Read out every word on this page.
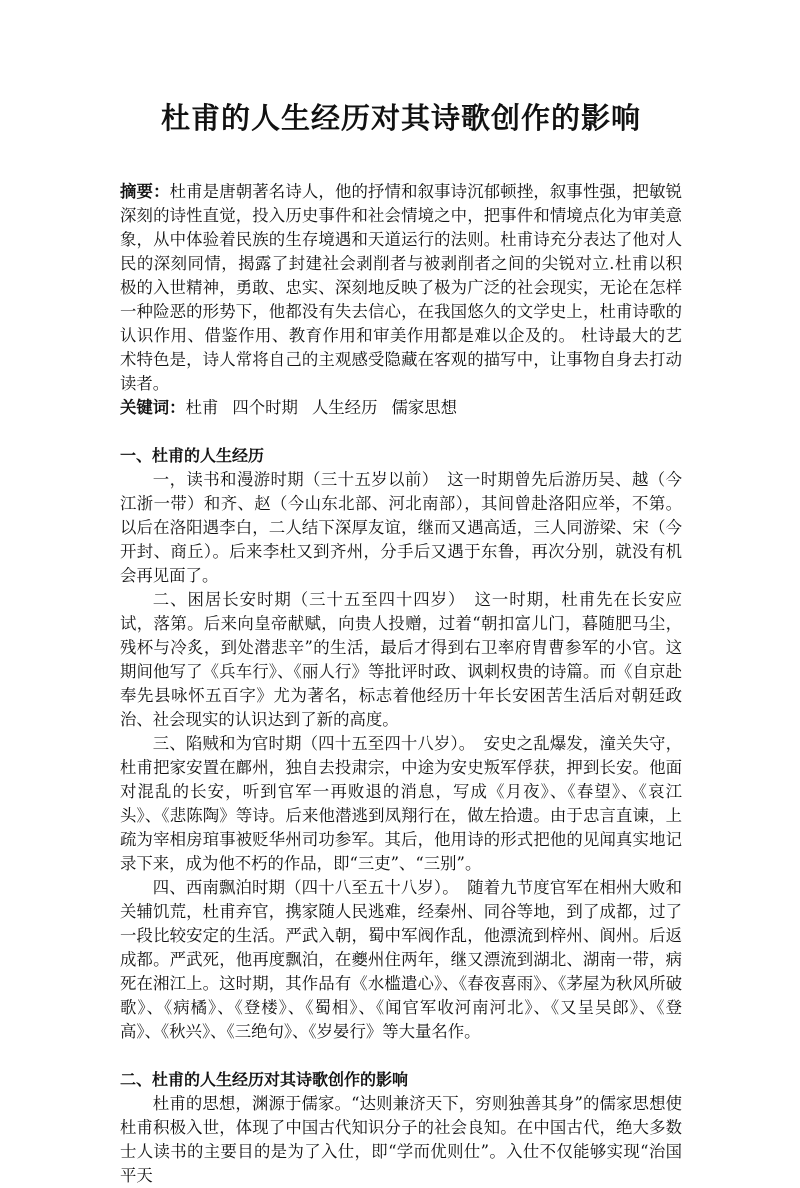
杜甫的人生经历对其诗歌创作的影响

摘要：杜甫是唐朝著名诗人，他的抒情和叙事诗沉郁顿挫，叙事性强，把敏锐深刻的诗性直觉，投入历史事件和社会情境之中，把事件和情境点化为审美意象，从中体验着民族的生存境遇和天道运行的法则。杜甫诗充分表达了他对人民的深刻同情，揭露了封建社会剥削者与被剥削者之间的尖锐对立.杜甫以积极的入世精神，勇敢、忠实、深刻地反映了极为广泛的社会现实，无论在怎样一种险恶的形势下，他都没有失去信心，在我国悠久的文学史上，杜甫诗歌的认识作用、借鉴作用、教育作用和审美作用都是难以企及的。 杜诗最大的艺术特色是，诗人常将自己的主观感受隐藏在客观的描写中，让事物自身去打动读者。

关键词：杜甫 四个时期 人生经历 儒家思想

一、杜甫的人生经历

一，读书和漫游时期（三十五岁以前）　这一时期曾先后游历吴、越（今江浙一带）和齐、赵（今山东北部、河北南部），其间曾赴洛阳应举，不第。以后在洛阳遇李白，二人结下深厚友谊，继而又遇高适，三人同游梁、宋（今开封、商丘）。后来李杜又到齐州，分手后又遇于东鲁，再次分别，就没有机会再见面了。

二、困居长安时期（三十五至四十四岁）　这一时期，杜甫先在长安应试，落第。后来向皇帝献赋，向贵人投赠，过着“朝扣富儿门，暮随肥马尘，残杯与冷炙，到处潜悲辛”的生活，最后才得到右卫率府胄曹参军的小官。这期间他写了《兵车行》、《丽人行》等批评时政、讽刺权贵的诗篇。而《自京赴奉先县咏怀五百字》尤为著名，标志着他经历十年长安困苦生活后对朝廷政治、社会现实的认识达到了新的高度。

三、陷贼和为官时期（四十五至四十八岁）。　安史之乱爆发，潼关失守，杜甫把家安置在鄜州，独自去投肃宗，中途为安史叛军俘获，押到长安。他面对混乱的长安，听到官军一再败退的消息，写成《月夜》、《春望》、《哀江头》、《悲陈陶》等诗。后来他潜逃到凤翔行在，做左拾遗。由于忠言直谏，上疏为宰相房琯事被贬华州司功参军。其后，他用诗的形式把他的见闻真实地记录下来，成为他不朽的作品，即“三吏”、“三别”。

四、西南飘泊时期（四十八至五十八岁）。　随着九节度官军在相州大败和关辅饥荒，杜甫弃官，携家随人民逃难，经秦州、同谷等地，到了成都，过了一段比较安定的生活。严武入朝，蜀中军阀作乱，他漂流到梓州、阆州。后返成都。严武死，他再度飘泊，在夔州住两年，继又漂流到湖北、湖南一带，病死在湘江上。这时期，其作品有《水槛遣心》、《春夜喜雨》、《茅屋为秋风所破歌》、《病橘》、《登楼》、《蜀相》、《闻官军收河南河北》、《又呈吴郎》、《登高》、《秋兴》、《三绝句》、《岁晏行》等大量名作。

二、杜甫的人生经历对其诗歌创作的影响

杜甫的思想，渊源于儒家。“达则兼济天下，穷则独善其身”的儒家思想使杜甫积极入世，体现了中国古代知识分子的社会良知。在中国古代，绝大多数士人读书的主要目的是为了入仕，即“学而优则仕”。入仕不仅能够实现“治国平天
